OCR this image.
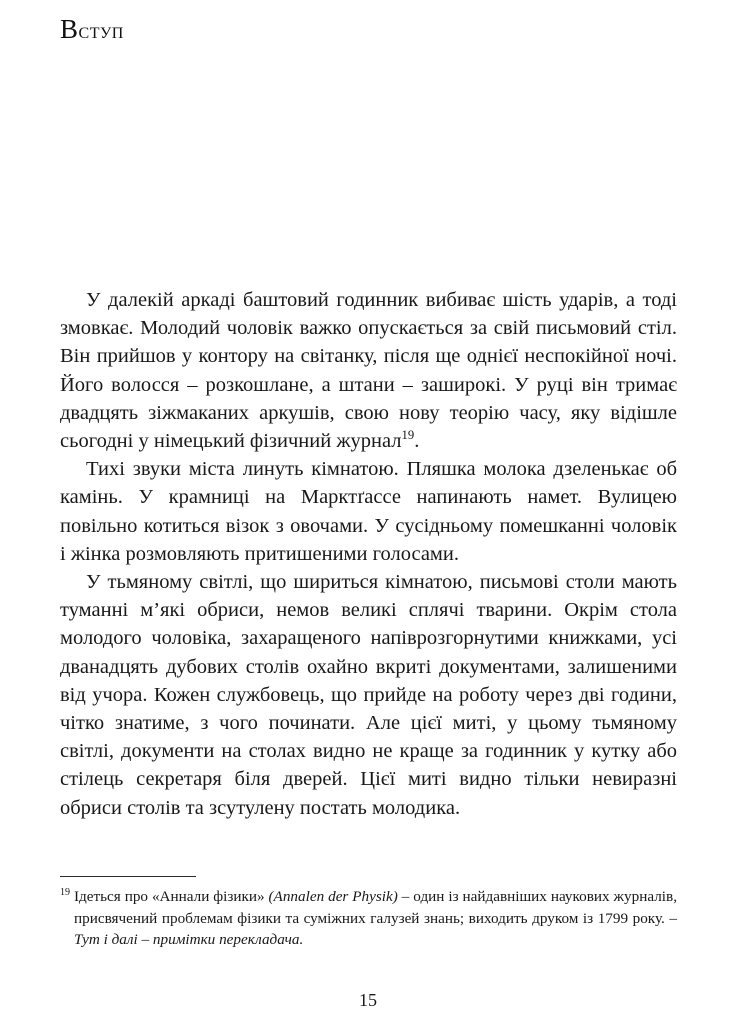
Вступ

У далекій аркаді баштовий годинник вибиває шість ударів, а тоді змовкає. Молодий чоловік важко опускається за свій письмовий стіл. Він прийшов у контору на світанку, після ще однієї неспокійної ночі. Його волосся – розкошлане, а штани – заширокі. У руці він тримає двадцять зіжмаканих аркушів, свою нову теорію часу, яку відішле сьогодні у німецький фізичний журнал$^{19}$.

Тихі звуки міста линуть кімнатою. Пляшка молока дзеленькає об камінь. У крамниці на Марктґассе напинають намет. Вулицею повільно котиться візок з овочами. У сусідньому помешканні чоловік і жінка розмовляють притишеними голосами.

У тьмяному світлі, що шириться кімнатою, письмові столи мають туманні м’які обриси, немов великі сплячі тварини. Окрім стола молодого чоловіка, захаращеного напіврозгорнутими книжками, усі дванадцять дубових столів охайно вкриті документами, залишеними від учора. Кожен службовець, що прийде на роботу через дві години, чітко знатиме, з чого починати. Але цієї миті, у цьому тьмяному світлі, документи на столах видно не краще за годинник у кутку або стілець секретаря біля дверей. Цієї миті видно тільки невиразні обриси столів та зсутулену постать молодика.

$^{19}$ Ідеться про «Аннали фізики» (Annalen der Physik) – один із найдавніших наукових журналів, присвячений проблемам фізики та суміжних галузей знань; виходить друком із 1799 року. – Тут і далі – примітки перекладача.

15
